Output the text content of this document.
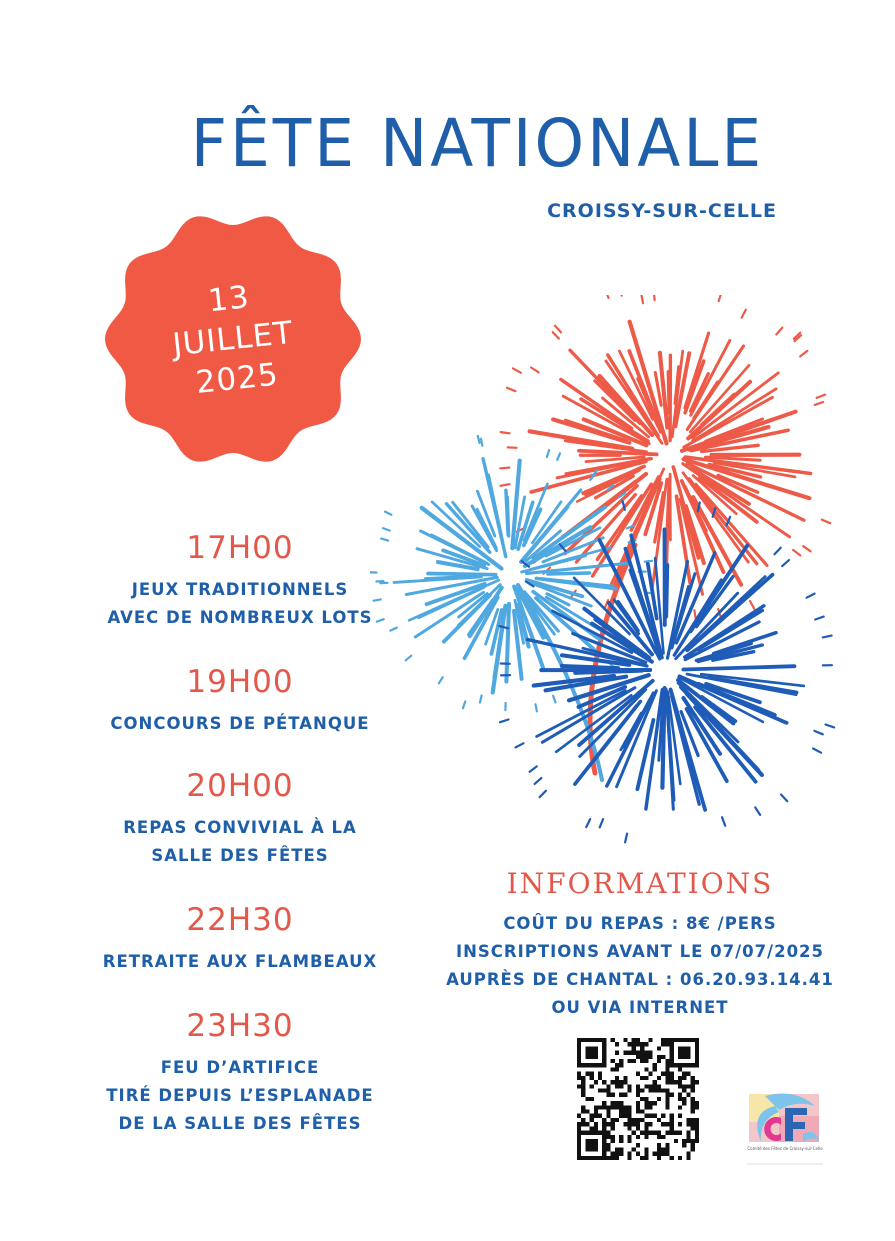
FÊTE NATIONALE
CROISSY-SUR-CELLE
13
JUILLET
2025
17H00
JEUX TRADITIONNELS
AVEC DE NOMBREUX LOTS
19H00
CONCOURS DE PÉTANQUE
20H00
REPAS CONVIVIAL À LA
SALLE DES FÊTES
22H30
RETRAITE AUX FLAMBEAUX
23H30
FEU D’ARTIFICE
TIRÉ DEPUIS L’ESPLANADE
DE LA SALLE DES FÊTES
INFORMATIONS
COÛT DU REPAS : 8€ /PERS
INSCRIPTIONS AVANT LE 07/07/2025
AUPRÈS DE CHANTAL : 06.20.93.14.41
OU VIA INTERNET
Comité des Fêtes de Croissy-sur-Celle
